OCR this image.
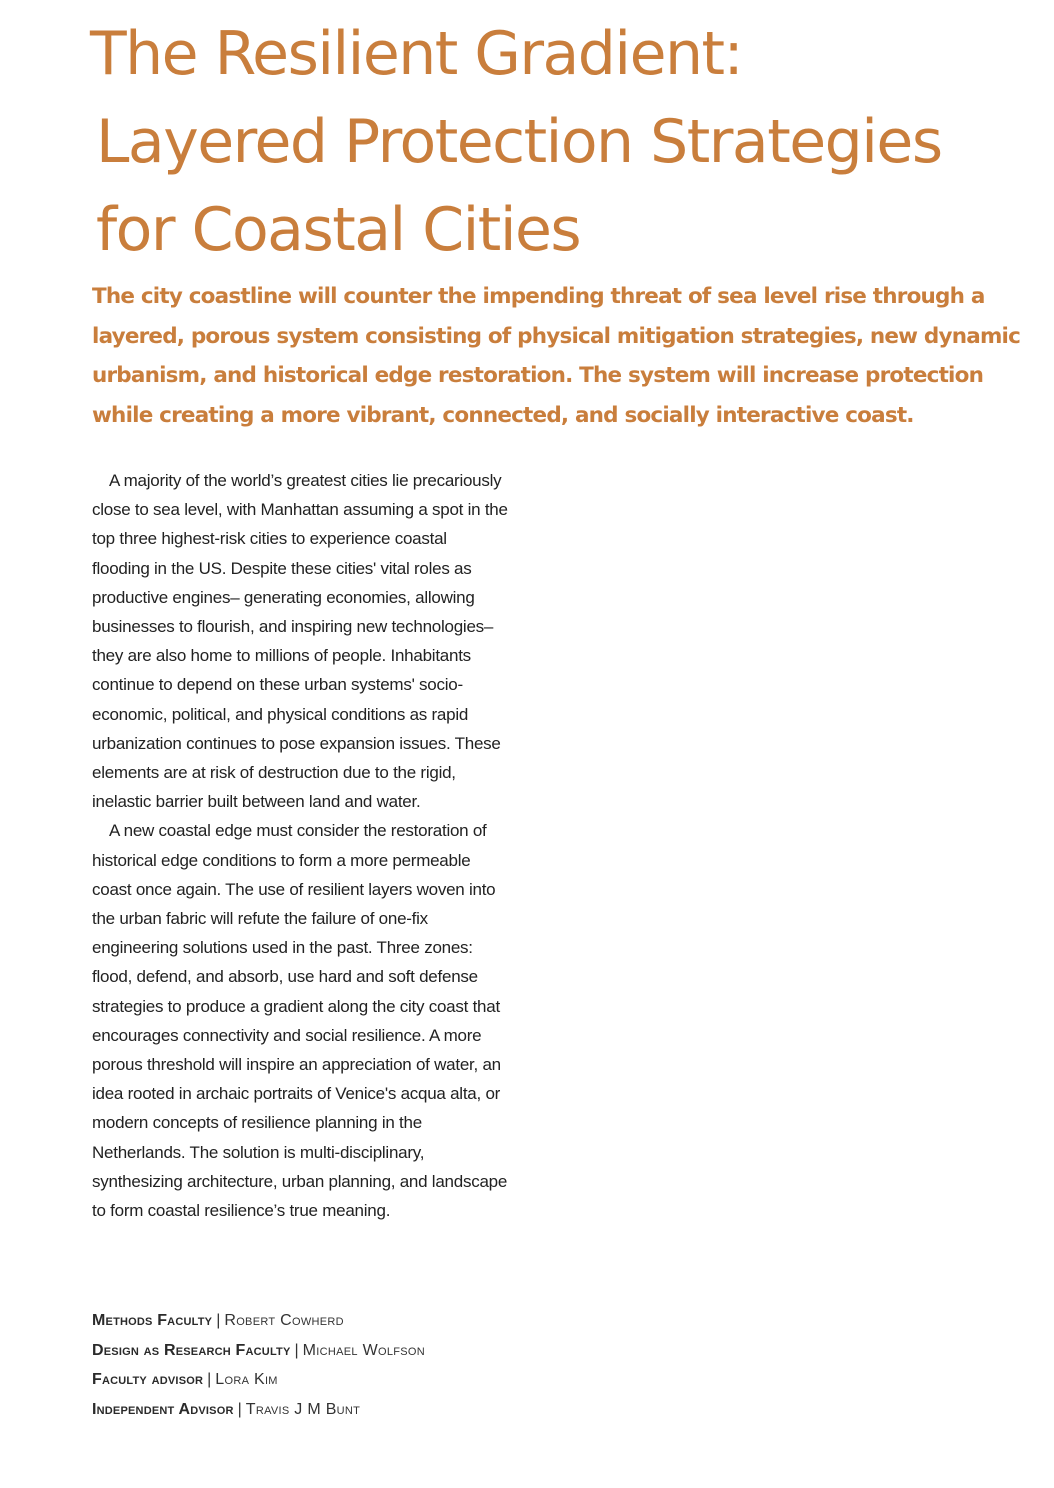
The Resilient Gradient:
Layered Protection Strategies
for Coastal Cities
The city coastline will counter the impending threat of sea level rise through a
layered, porous system consisting of physical mitigation strategies, new dynamic
urbanism, and historical edge restoration. The system will increase protection
while creating a more vibrant, connected, and socially interactive coast.
A majority of the world’s greatest cities lie precariously
close to sea level, with Manhattan assuming a spot in the
top three highest-risk cities to experience coastal
flooding in the US. Despite these cities' vital roles as
productive engines– generating economies, allowing
businesses to flourish, and inspiring new technologies–
they are also home to millions of people. Inhabitants
continue to depend on these urban systems' socio-
economic, political, and physical conditions as rapid
urbanization continues to pose expansion issues. These
elements are at risk of destruction due to the rigid,
inelastic barrier built between land and water.
A new coastal edge must consider the restoration of
historical edge conditions to form a more permeable
coast once again. The use of resilient layers woven into
the urban fabric will refute the failure of one-fix
engineering solutions used in the past. Three zones:
flood, defend, and absorb, use hard and soft defense
strategies to produce a gradient along the city coast that
encourages connectivity and social resilience. A more
porous threshold will inspire an appreciation of water, an
idea rooted in archaic portraits of Venice's acqua alta, or
modern concepts of resilience planning in the
Netherlands. The solution is multi-disciplinary,
synthesizing architecture, urban planning, and landscape
to form coastal resilience’s true meaning.
Methods Faculty | Robert Cowherd
Design as Research Faculty | Michael Wolfson
Faculty advisor | Lora Kim
Independent Advisor | Travis J M Bunt
